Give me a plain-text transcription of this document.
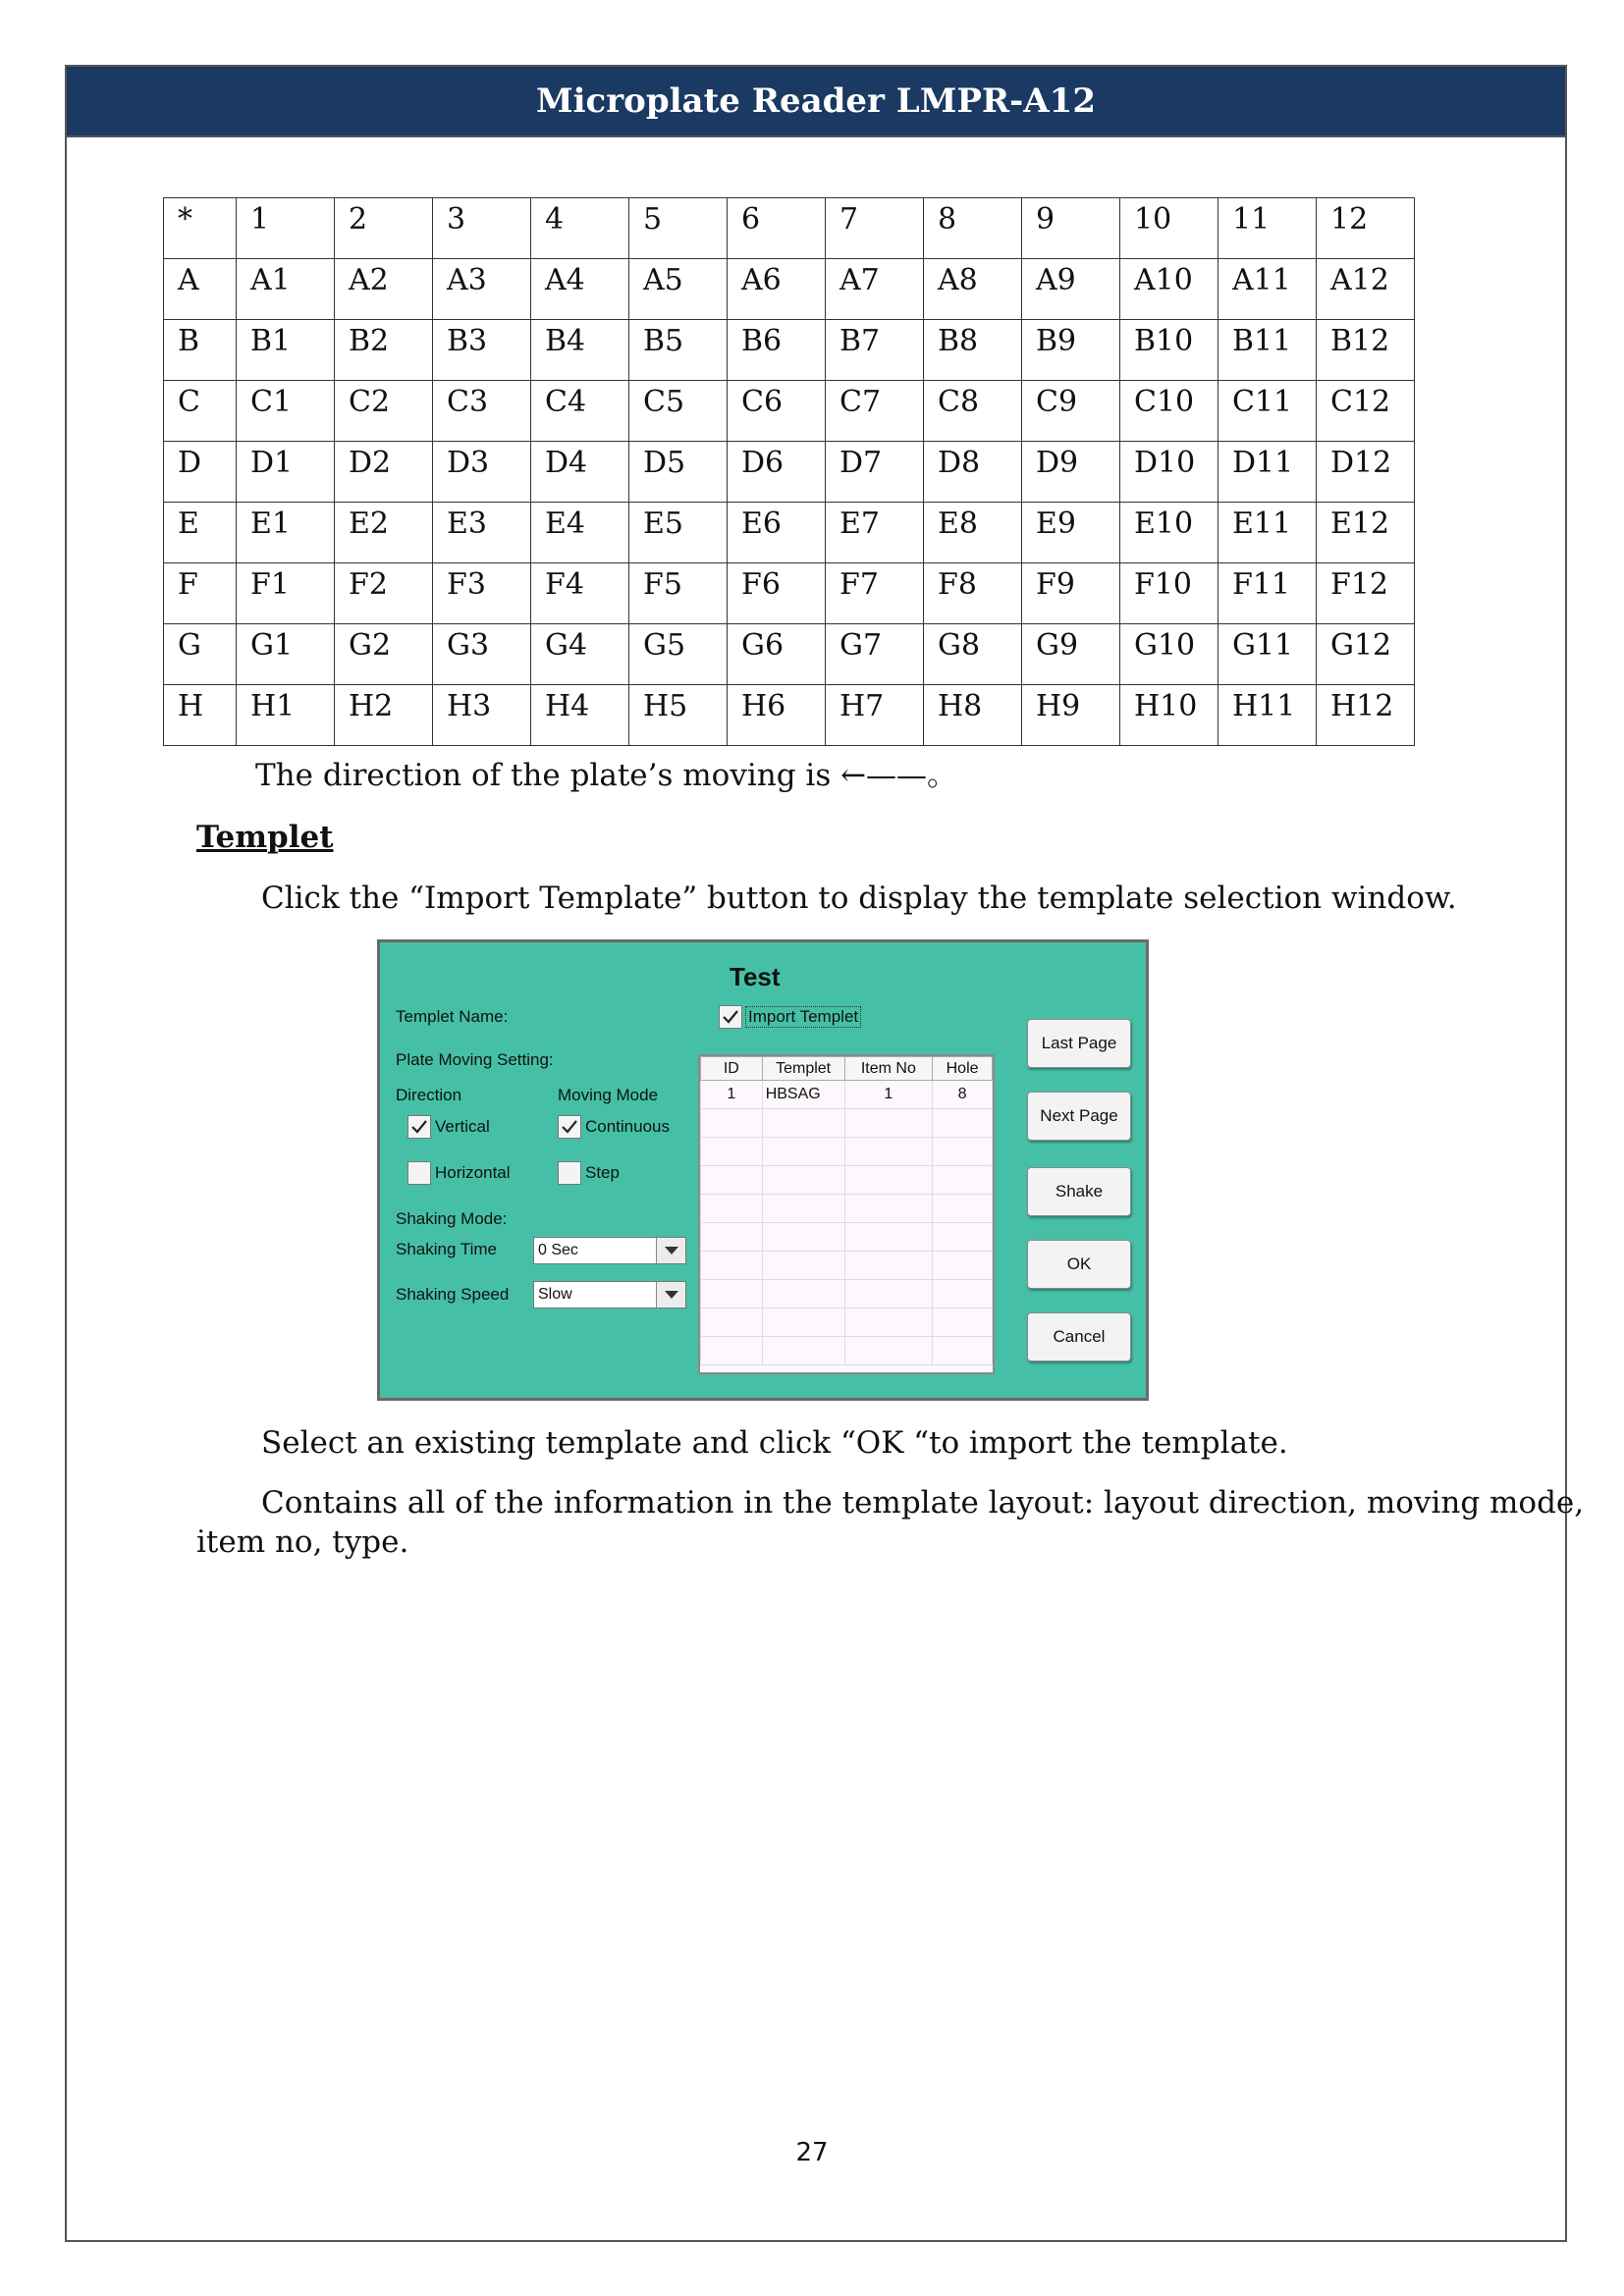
Microplate Reader LMPR-A12
*	1	2	3	4	5	6	7	8	9	10	11	12
A	A1	A2	A3	A4	A5	A6	A7	A8	A9	A10	A11	A12
B	B1	B2	B3	B4	B5	B6	B7	B8	B9	B10	B11	B12
C	C1	C2	C3	C4	C5	C6	C7	C8	C9	C10	C11	C12
D	D1	D2	D3	D4	D5	D6	D7	D8	D9	D10	D11	D12
E	E1	E2	E3	E4	E5	E6	E7	E8	E9	E10	E11	E12
F	F1	F2	F3	F4	F5	F6	F7	F8	F9	F10	F11	F12
G	G1	G2	G3	G4	G5	G6	G7	G8	G9	G10	G11	G12
H	H1	H2	H3	H4	H5	H6	H7	H8	H9	H10	H11	H12
The direction of the plate’s moving is ←——。
Templet
Click the “Import Template” button to display the template selection window.
Test
Templet Name:	Import Templet
Plate Moving Setting:
Direction	Moving Mode
Vertical	Continuous
Horizontal	Step
Shaking Mode:
Shaking Time	0 Sec
Shaking Speed Slow
ID	Templet	Item No	Hole
1	HBSAG	1	8

Last Page
Next Page
Shake
OK
Cancel
Select an existing template and click “OK “to import the template.
Contains all of the information in the template layout: layout direction, moving mode,
item no, type.
27
